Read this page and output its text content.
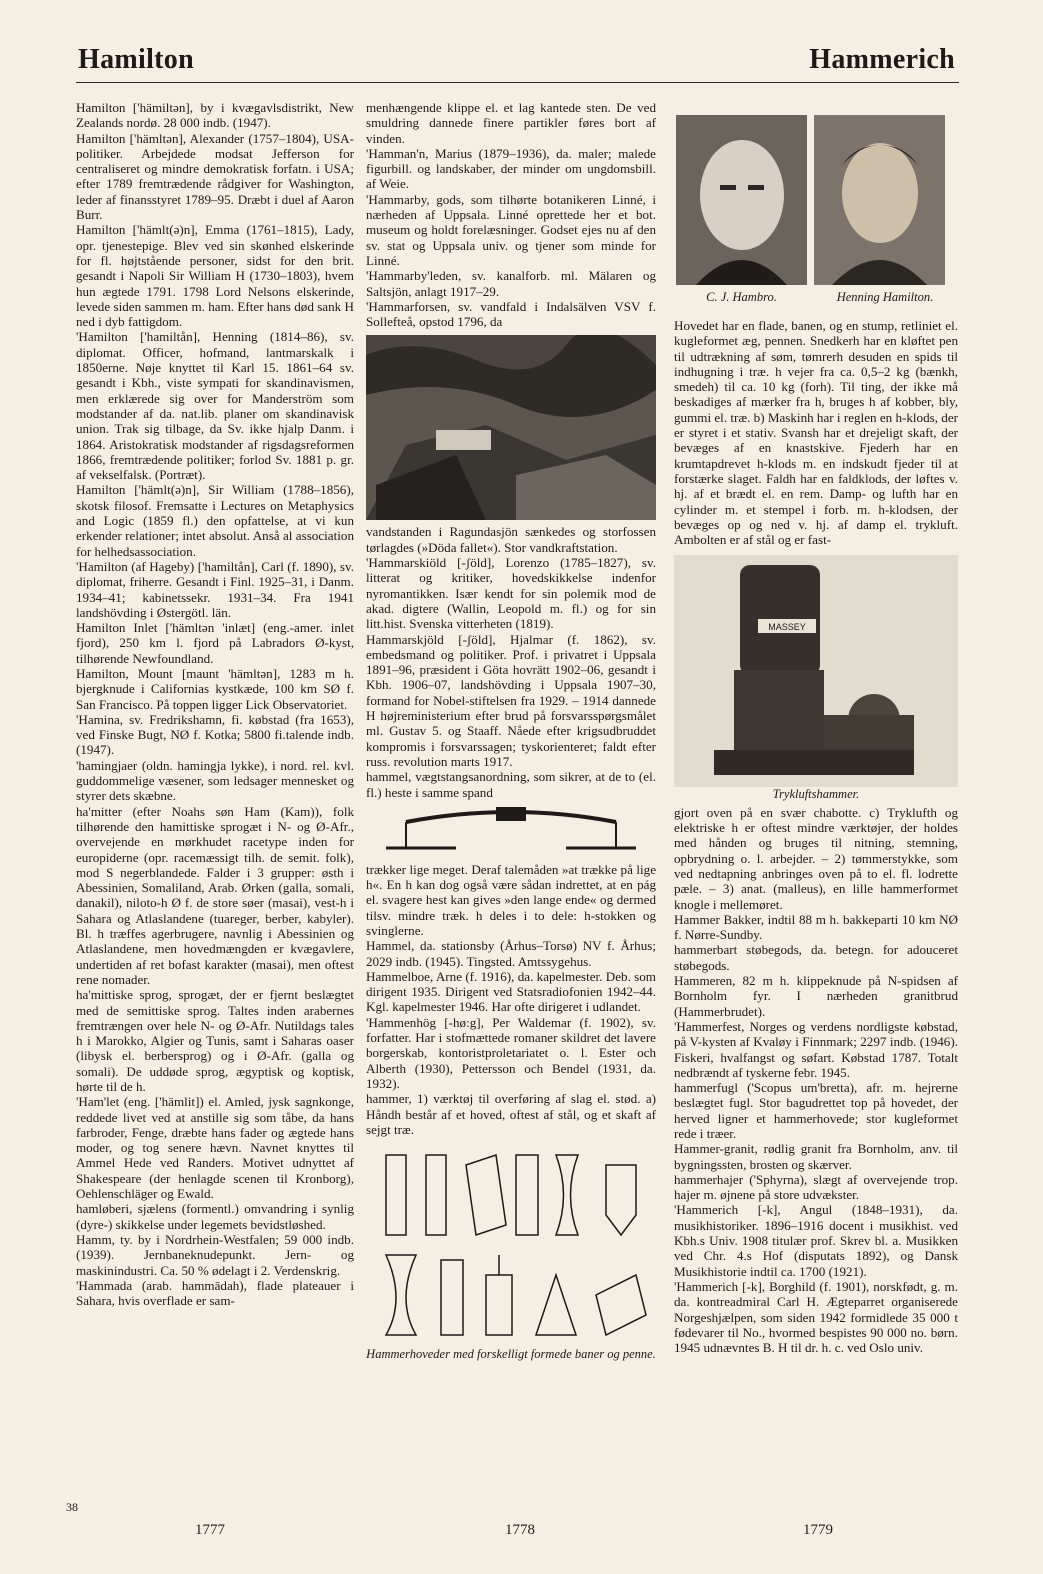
Hamilton	Hammerich

Hamilton ['hämiltən], by i kvægavlsdistrikt, New Zealands nordø. 28 000 indb. (1947).

Hamilton ['hämltən], Alexander (1757–1804), USA-politiker. Arbejdede modsat Jefferson for centraliseret og mindre demokratisk forfatn. i USA; efter 1789 fremtrædende rådgiver for Washington, leder af finansstyret 1789–95. Dræbt i duel af Aaron Burr.

Hamilton ['hämlt(ə)n], Emma (1761–1815), Lady, opr. tjenestepige. Blev ved sin skønhed elskerinde for fl. højtstående personer, sidst for den brit. gesandt i Napoli Sir William H (1730–1803), hvem hun ægtede 1791. 1798 Lord Nelsons elskerinde, levede siden sammen m. ham. Efter hans død sank H ned i dyb fattigdom.

'Hamilton ['hamiltån], Henning (1814–86), sv. diplomat. Officer, hofmand, lantmarskalk i 1850erne. Nøje knyttet til Karl 15. 1861–64 sv. gesandt i Kbh., viste sympati for skandinavismen, men erklærede sig over for Manderström som modstander af da. nat.lib. planer om skandinavisk union. Trak sig tilbage, da Sv. ikke hjalp Danm. i 1864. Aristokratisk modstander af rigsdagsreformen 1866, fremtrædende politiker; forlod Sv. 1881 p. gr. af vekselfalsk. (Portræt).

Hamilton ['hämlt(ə)n], Sir William (1788–1856), skotsk filosof. Fremsatte i Lectures on Metaphysics and Logic (1859 fl.) den opfattelse, at vi kun erkender relationer; intet absolut. Anså al association for helhedsassociation.

'Hamilton (af Hageby) ['hamiltån], Carl (f. 1890), sv. diplomat, friherre. Gesandt i Finl. 1925–31, i Danm. 1934–41; kabinetssekr. 1931–34. Fra 1941 landshövding i Østergötl. län.

Hamilton Inlet ['hämltən 'inlæt] (eng.-amer. inlet fjord), 250 km l. fjord på Labradors Ø-kyst, tilhørende Newfoundland.

Hamilton, Mount [maunt 'hämltən], 1283 m h. bjergknude i Californias kystkæde, 100 km SØ f. San Francisco. På toppen ligger Lick Observatoriet.

'Hamina, sv. Fredrikshamn, fi. købstad (fra 1653), ved Finske Bugt, NØ f. Kotka; 5800 fi.talende indb. (1947).

'hamingjaer (oldn. hamingja lykke), i nord. rel. kvl. guddommelige væsener, som ledsager mennesket og styrer dets skæbne.

ha'mitter (efter Noahs søn Ham (Kam)), folk tilhørende den hamittiske sprogæt i N- og Ø-Afr., overvejende en mørkhudet racetype inden for europiderne (opr. racemæssigt tilh. de semit. folk), mod S negerblandede. Falder i 3 grupper: østh i Abessinien, Somaliland, Arab. Ørken (galla, somali, danakil), niloto-h Ø f. de store søer (masai), vest-h i Sahara og Atlaslandene (tuareger, berber, kabyler). Bl. h træffes agerbrugere, navnlig i Abessinien og Atlaslandene, men hovedmængden er kvægavlere, undertiden af ret bofast karakter (masai), men oftest rene nomader.

ha'mittiske sprog, sprogæt, der er fjernt beslægtet med de semittiske sprog. Taltes inden arabernes fremtrængen over hele N- og Ø-Afr. Nutildags tales h i Marokko, Algier og Tunis, samt i Saharas oaser (libysk el. berbersprog) og i Ø-Afr. (galla og somali). De uddøde sprog, ægyptisk og koptisk, hørte til de h.

'Ham'let (eng. ['hämlit]) el. Amled, jysk sagnkonge, reddede livet ved at anstille sig som tåbe, da hans farbroder, Fenge, dræbte hans fader og ægtede hans moder, og tog senere hævn. Navnet knyttes til Ammel Hede ved Randers. Motivet udnyttet af Shakespeare (der henlagde scenen til Kronborg), Oehlenschläger og Ewald.

hamløberi, sjælens (formentl.) omvandring i synlig (dyre-) skikkelse under legemets bevidstløshed.

Hamm, ty. by i Nordrhein-Westfalen; 59 000 indb. (1939). Jernbaneknudepunkt. Jern- og maskinindustri. Ca. 50 % ødelagt i 2. Verdenskrig.

'Hammada (arab. hammādah), flade plateauer i Sahara, hvis overflade er sam-

menhængende klippe el. et lag kantede sten. De ved smuldring dannede finere partikler føres bort af vinden.

'Hamman'n, Marius (1879–1936), da. maler; malede figurbill. og landskaber, der minder om ungdomsbill. af Weie.

'Hammarby, gods, som tilhørte botanikeren Linné, i nærheden af Uppsala. Linné oprettede her et bot. museum og holdt forelæsninger. Godset ejes nu af den sv. stat og Uppsala univ. og tjener som minde for Linné.

'Hammarby'leden, sv. kanalforb. ml. Mälaren og Saltsjön, anlagt 1917–29.

'Hammarforsen, sv. vandfald i Indalsälven VSV f. Sollefteå, opstod 1796, da

vandstanden i Ragundasjön sænkedes og storfossen tørlagdes (»Döda fallet«). Stor vandkraftstation.

'Hammarskiöld [-ʃöld], Lorenzo (1785–1827), sv. litterat og kritiker, hovedskikkelse indenfor nyromantikken. Især kendt for sin polemik mod de akad. digtere (Wallin, Leopold m. fl.) og for sin litt.hist. Svenska vitterheten (1819).

Hammarskjöld [-ʃöld], Hjalmar (f. 1862), sv. embedsmand og politiker. Prof. i privatret i Uppsala 1891–96, præsident i Göta hovrätt 1902–06, gesandt i Kbh. 1906–07, landshövding i Uppsala 1907–30, formand for Nobel-stiftelsen fra 1929. – 1914 dannede H højreministerium efter brud på forsvarsspørgsmålet ml. Gustav 5. og Staaff. Nåede efter krigsudbruddet kompromis i forsvarssagen; tyskorienteret; faldt efter russ. revolution marts 1917.

hammel, vægtstangsanordning, som sikrer, at de to (el. fl.) heste i samme spand

trækker lige meget. Deraf talemåden »at trække på lige h«. En h kan dog også være sådan indrettet, at en pág el. svagere hest kan gives »den lange ende« og dermed tilsv. mindre træk. h deles i to dele: h-stokken og svinglerne.

Hammel, da. stationsby (Århus–Torsø) NV f. Århus; 2029 indb. (1945). Tingsted. Amtssygehus.

Hammelboe, Arne (f. 1916), da. kapelmester. Deb. som dirigent 1935. Dirigent ved Statsradiofonien 1942–44. Kgl. kapelmester 1946. Har ofte dirigeret i udlandet.

'Hammenhög [-hø:g], Per Waldemar (f. 1902), sv. forfatter. Har i stofmættede romaner skildret det lavere borgerskab, kontoristproletariatet o. l. Ester och Alberth (1930), Pettersson och Bendel (1931, da. 1932).

hammer, 1) værktøj til overføring af slag el. stød. a) Håndh består af et hoved, oftest af stål, og et skaft af sejgt træ.

Hammerhoveder med forskelligt formede baner og penne.
C. J. Hambro.	Henning Hamilton.

Hovedet har en flade, banen, og en stump, retliniet el. kugleformet æg, pennen. Snedkerh har en kløftet pen til udtrækning af søm, tømrerh desuden en spids til indhugning i træ. h vejer fra ca. 0,5–2 kg (bænkh, smedeh) til ca. 10 kg (forh). Til ting, der ikke må beskadiges af mærker fra h, bruges h af kobber, bly, gummi el. træ. b) Maskinh har i reglen en h-klods, der er styret i et stativ. Svansh har et drejeligt skaft, der bevæges af en knastskive. Fjederh har en krumtapdrevet h-klods m. en indskudt fjeder til at forstærke slaget. Faldh har en faldklods, der løftes v. hj. af et brædt el. en rem. Damp- og lufth har en cylinder m. et stempel i forb. m. h-klodsen, der bevæges op og ned v. hj. af damp el. trykluft. Ambolten er af stål og er fast-

MASSEY
Trykluftshammer.

gjort oven på en svær chabotte. c) Tryklufth og elektriske h er oftest mindre værktøjer, der holdes med hånden og bruges til nitning, stemning, opbrydning o. l. arbejder. – 2) tømmerstykke, som ved nedtapning anbringes oven på to el. fl. lodrette pæle. – 3) anat. (malleus), en lille hammerformet knogle i mellemøret.

Hammer Bakker, indtil 88 m h. bakkeparti 10 km NØ f. Nørre-Sundby.

hammerbart støbegods, da. betegn. for adouceret støbegods.

Hammeren, 82 m h. klippeknude på N-spidsen af Bornholm fyr. I nærheden granitbrud (Hammerbrudet).

'Hammerfest, Norges og verdens nordligste købstad, på V-kysten af Kvaløy i Finnmark; 2297 indb. (1946). Fiskeri, hvalfangst og søfart. Købstad 1787. Totalt nedbrændt af tyskerne febr. 1945.

hammerfugl ('Scopus um'bretta), afr. m. hejrerne beslægtet fugl. Stor bagudrettet top på hovedet, der herved ligner et hammerhovede; stor kugleformet rede i træer.

Hammer-granit, rødlig granit fra Bornholm, anv. til bygningssten, brosten og skærver.

hammerhajer ('Sphyrna), slægt af overvejende trop. hajer m. øjnene på store udvækster.

'Hammerich [-k], Angul (1848–1931), da. musikhistoriker. 1896–1916 docent i musikhist. ved Kbh.s Univ. 1908 titulær prof. Skrev bl. a. Musikken ved Chr. 4.s Hof (disputats 1892), og Dansk Musikhistorie indtil ca. 1700 (1921).

'Hammerich [-k], Borghild (f. 1901), norskfødt, g. m. da. kontreadmiral Carl H. Ægteparret organiserede Norgeshjælpen, som siden 1942 formidlede 35 000 t fødevarer til No., hvormed bespistes 90 000 no. børn. 1945 udnævntes B. H til dr. h. c. ved Oslo univ.

38
1777	1778	1779
